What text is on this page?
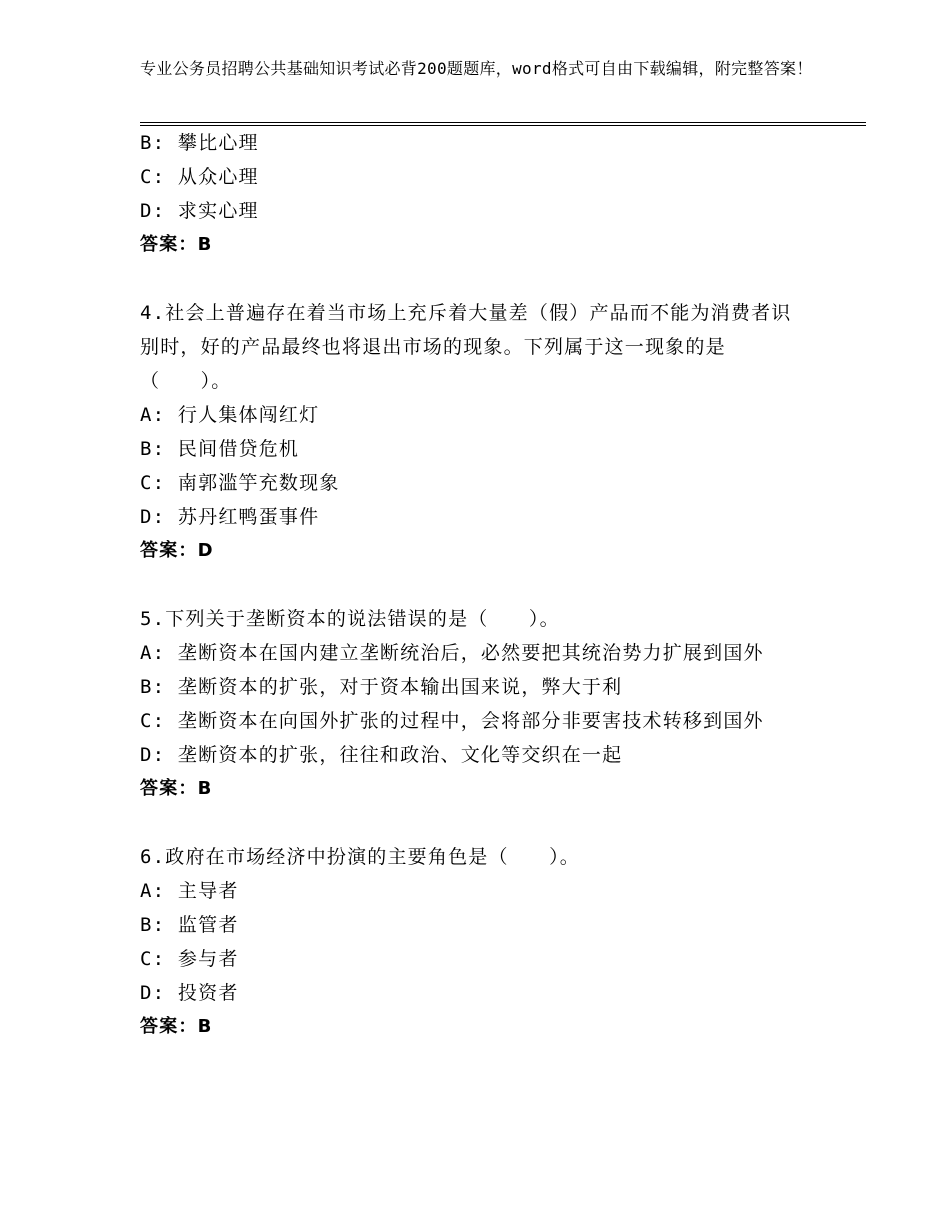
专业公务员招聘公共基础知识考试必背200题题库，word格式可自由下载编辑，附完整答案！
B: 攀比心理
C: 从众心理
D: 求实心理
答案：B
4.社会上普遍存在着当市场上充斥着大量差（假）产品而不能为消费者识别时，好的产品最终也将退出市场的现象。下列属于这一现象的是（　　）。
A: 行人集体闯红灯
B: 民间借贷危机
C: 南郭滥竽充数现象
D: 苏丹红鸭蛋事件
答案：D
5.下列关于垄断资本的说法错误的是（　　）。
A: 垄断资本在国内建立垄断统治后，必然要把其统治势力扩展到国外
B: 垄断资本的扩张，对于资本输出国来说，弊大于利
C: 垄断资本在向国外扩张的过程中，会将部分非要害技术转移到国外
D: 垄断资本的扩张，往往和政治、文化等交织在一起
答案：B
6.政府在市场经济中扮演的主要角色是（　　）。
A: 主导者
B: 监管者
C: 参与者
D: 投资者
答案：B
